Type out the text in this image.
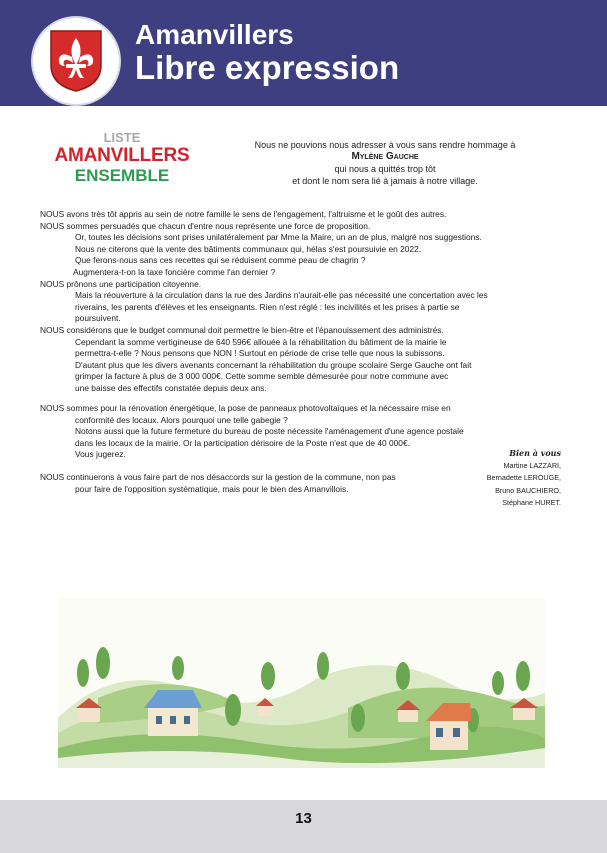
Amanvillers
Libre expression
LISTE
AMANVILLERS
ENSEMBLE
Nous ne pouvions nous adresser à vous sans rendre hommage à
Mylène Gauche
qui nous a quittés trop tôt
et dont le nom sera lié à jamais à notre village.
NOUS avons très tôt appris au sein de notre famille le sens de l'engagement, l'altruisme et le goût des autres.
NOUS sommes persuadés que chacun d'entre nous représente une force de proposition.
Or, toutes les décisions sont prises unilatéralement par Mme la Maire, un an de plus, malgré nos suggestions.
Nous ne citerons que la vente des bâtiments communaux qui, hélas s'est poursuivie en 2022.
Que ferons-nous sans ces recettes qui se réduisent comme peau de chagrin ?
Augmentera-t-on la taxe foncière comme l'an dernier ?
NOUS prônons une participation citoyenne.
Mais la réouverture à la circulation dans la rue des Jardins n'aurait-elle pas nécessité une concertation avec les
riverains, les parents d'élèves et les enseignants. Rien n'est réglé : les incivilités et les prises à partie se
poursuivent.
NOUS considérons que le budget communal doit permettre le bien-être et l'épanouissement des administrés.
Cependant la somme vertigineuse de 640 596€ allouée à la réhabilitation du bâtiment de la mairie le
permettra-t-elle ? Nous pensons que NON ! Surtout en période de crise telle que nous la subissons.
D'autant plus que les divers avenants concernant la réhabilitation du groupe scolaire Serge Gauche ont fait
grimper la facture à plus de 3 000 000€. Cette somme semble démesurée pour notre commune avec
une baisse des effectifs constatée depuis deux ans.
NOUS sommes pour la rénovation énergétique, la pose de panneaux photovoltaïques et la nécessaire mise en
conformité des locaux. Alors pourquoi une telle gabegie ?
Notons aussi que la future fermeture du bureau de poste nécessite l'aménagement d'une agence postale
dans les locaux de la mairie. Or la participation dérisoire de la Poste n'est que de 40 000€.
Vous jugerez.
NOUS continuerons à vous faire part de nos désaccords sur la gestion de la commune, non pas
pour faire de l'opposition systématique, mais pour le bien des Amanvillois.
Bien à vous
Martine LAZZARI,
Bernadette LEROUGE,
Bruno BAUCHIERO,
Stéphane HURET.
13
